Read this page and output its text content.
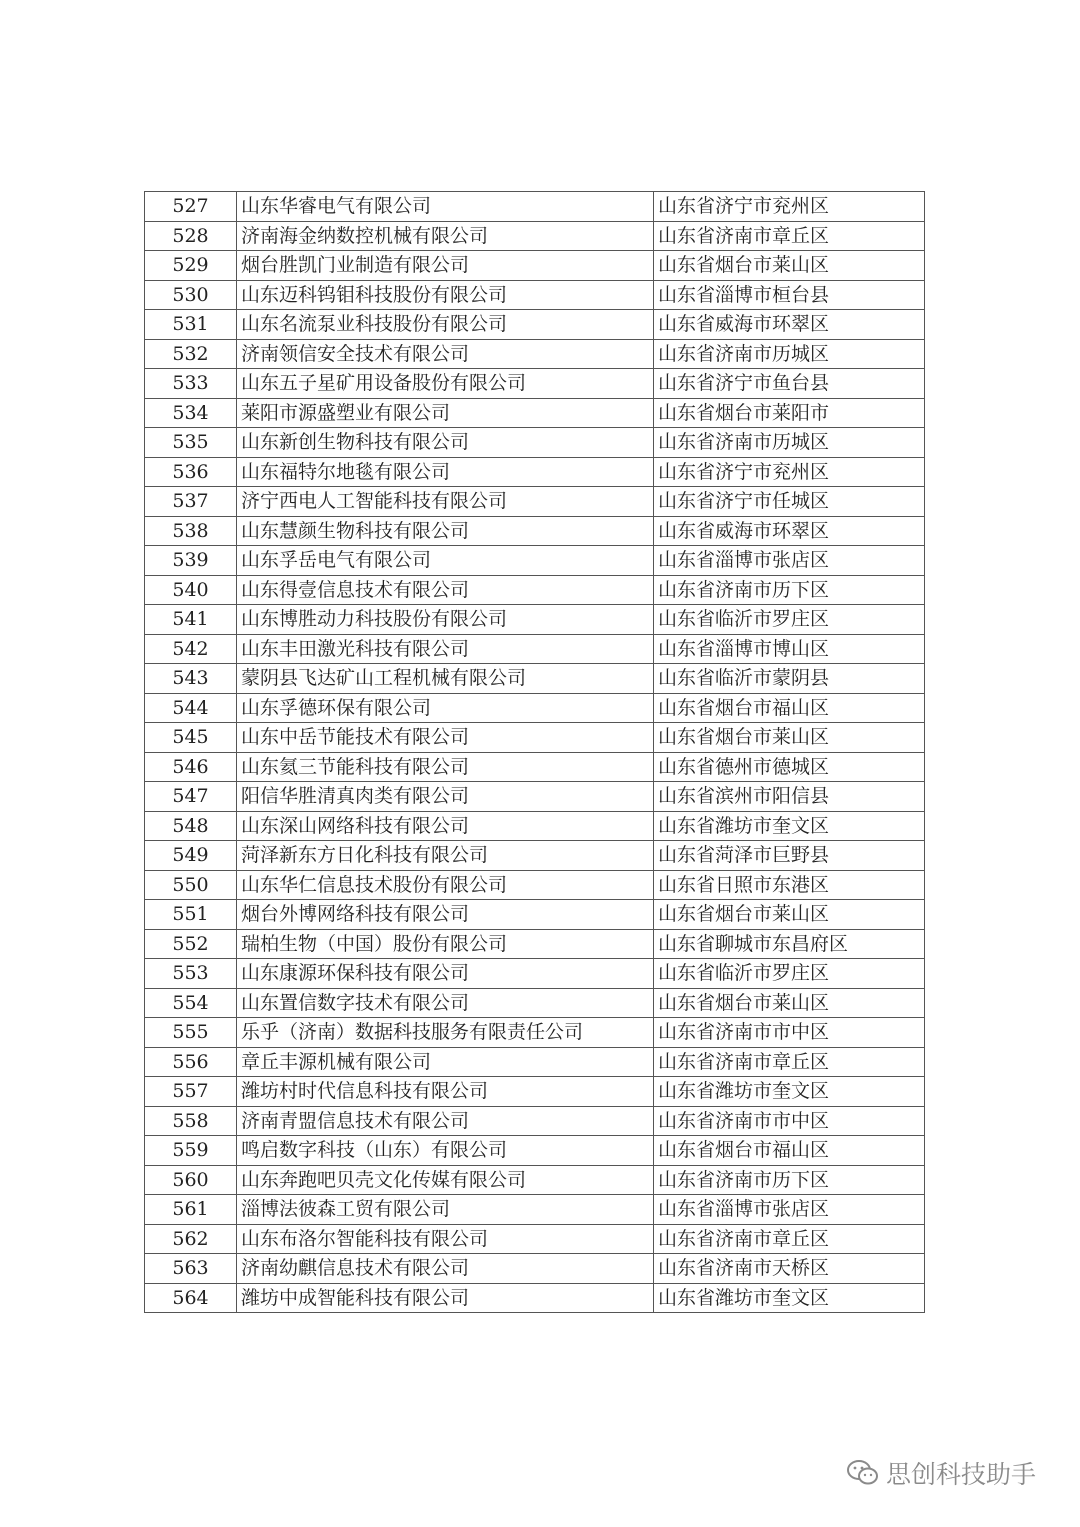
527	山东华睿电气有限公司	山东省济宁市兖州区
528	济南海金纳数控机械有限公司	山东省济南市章丘区
529	烟台胜凯门业制造有限公司	山东省烟台市莱山区
530	山东迈科钨钼科技股份有限公司	山东省淄博市桓台县
531	山东名流泵业科技股份有限公司	山东省威海市环翠区
532	济南领信安全技术有限公司	山东省济南市历城区
533	山东五子星矿用设备股份有限公司	山东省济宁市鱼台县
534	莱阳市源盛塑业有限公司	山东省烟台市莱阳市
535	山东新创生物科技有限公司	山东省济南市历城区
536	山东福特尔地毯有限公司	山东省济宁市兖州区
537	济宁西电人工智能科技有限公司	山东省济宁市任城区
538	山东慧颜生物科技有限公司	山东省威海市环翠区
539	山东孚岳电气有限公司	山东省淄博市张店区
540	山东得壹信息技术有限公司	山东省济南市历下区
541	山东博胜动力科技股份有限公司	山东省临沂市罗庄区
542	山东丰田激光科技有限公司	山东省淄博市博山区
543	蒙阴县飞达矿山工程机械有限公司	山东省临沂市蒙阴县
544	山东孚德环保有限公司	山东省烟台市福山区
545	山东中岳节能技术有限公司	山东省烟台市莱山区
546	山东氦三节能科技有限公司	山东省德州市德城区
547	阳信华胜清真肉类有限公司	山东省滨州市阳信县
548	山东深山网络科技有限公司	山东省潍坊市奎文区
549	菏泽新东方日化科技有限公司	山东省菏泽市巨野县
550	山东华仁信息技术股份有限公司	山东省日照市东港区
551	烟台外博网络科技有限公司	山东省烟台市莱山区
552	瑞柏生物（中国）股份有限公司	山东省聊城市东昌府区
553	山东康源环保科技有限公司	山东省临沂市罗庄区
554	山东置信数字技术有限公司	山东省烟台市莱山区
555	乐乎（济南）数据科技服务有限责任公司	山东省济南市市中区
556	章丘丰源机械有限公司	山东省济南市章丘区
557	潍坊村时代信息科技有限公司	山东省潍坊市奎文区
558	济南青盟信息技术有限公司	山东省济南市市中区
559	鸣启数字科技（山东）有限公司	山东省烟台市福山区
560	山东奔跑吧贝壳文化传媒有限公司	山东省济南市历下区
561	淄博法彼森工贸有限公司	山东省淄博市张店区
562	山东布洛尔智能科技有限公司	山东省济南市章丘区
563	济南幼麒信息技术有限公司	山东省济南市天桥区
564	潍坊中成智能科技有限公司	山东省潍坊市奎文区
思创科技助手
